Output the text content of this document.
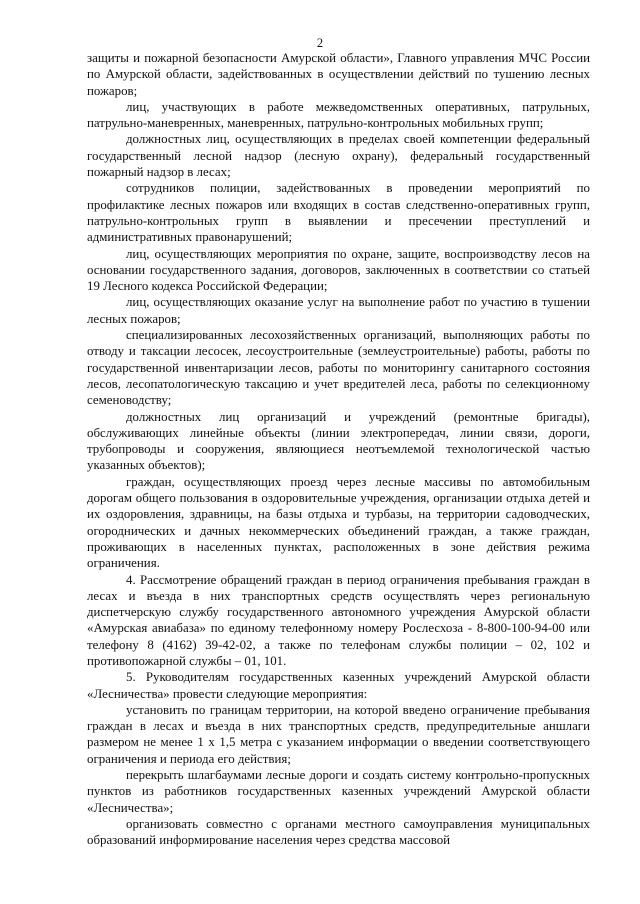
2

защиты и пожарной безопасности Амурской области», Главного управления МЧС России по Амурской области, задействованных в осуществлении действий по тушению лесных пожаров;

лиц, участвующих в работе межведомственных оперативных, патрульных, патрульно-маневренных, маневренных, патрульно-контрольных мобильных групп;

должностных лиц, осуществляющих в пределах своей компетенции федеральный государственный лесной надзор (лесную охрану), федеральный государственный пожарный надзор в лесах;

сотрудников полиции, задействованных в проведении мероприятий по профилактике лесных пожаров или входящих в состав следственно-оперативных групп, патрульно-контрольных групп в выявлении и пресечении преступлений и административных правонарушений;

лиц, осуществляющих мероприятия по охране, защите, воспроизводству лесов на основании государственного задания, договоров, заключенных в соответствии со статьей 19 Лесного кодекса Российской Федерации;

лиц, осуществляющих оказание услуг на выполнение работ по участию в тушении лесных пожаров;

специализированных лесохозяйственных организаций, выполняющих работы по отводу и таксации лесосек, лесоустроительные (землеустроительные) работы, работы по государственной инвентаризации лесов, работы по мониторингу санитарного состояния лесов, лесопатологическую таксацию и учет вредителей леса, работы по селекционному семеноводству;

должностных лиц организаций и учреждений (ремонтные бригады), обслуживающих линейные объекты (линии электропередач, линии связи, дороги, трубопроводы и сооружения, являющиеся неотъемлемой технологической частью указанных объектов);

граждан, осуществляющих проезд через лесные массивы по автомобильным дорогам общего пользования в оздоровительные учреждения, организации отдыха детей и их оздоровления, здравницы, на базы отдыха и турбазы, на территории садоводческих, огороднических и дачных некоммерческих объединений граждан, а также граждан, проживающих в населенных пунктах, расположенных в зоне действия режима ограничения.

4. Рассмотрение обращений граждан в период ограничения пребывания граждан в лесах и въезда в них транспортных средств осуществлять через региональную диспетчерскую службу государственного автономного учреждения Амурской области «Амурская авиабаза» по единому телефонному номеру Рослесхоза - 8-800-100-94-00 или телефону 8 (4162) 39-42-02, а также по телефонам службы полиции – 02, 102 и противопожарной службы – 01, 101.

5. Руководителям государственных казенных учреждений Амурской области «Лесничества» провести следующие мероприятия:

установить по границам территории, на которой введено ограничение пребывания граждан в лесах и въезда в них транспортных средств, предупредительные аншлаги размером не менее 1 х 1,5 метра с указанием информации о введении соответствующего ограничения и периода его действия;

перекрыть шлагбаумами лесные дороги и создать систему контрольно-пропускных пунктов из работников государственных казенных учреждений Амурской области «Лесничества»;

организовать совместно с органами местного самоуправления муниципальных образований информирование населения через средства массовой
